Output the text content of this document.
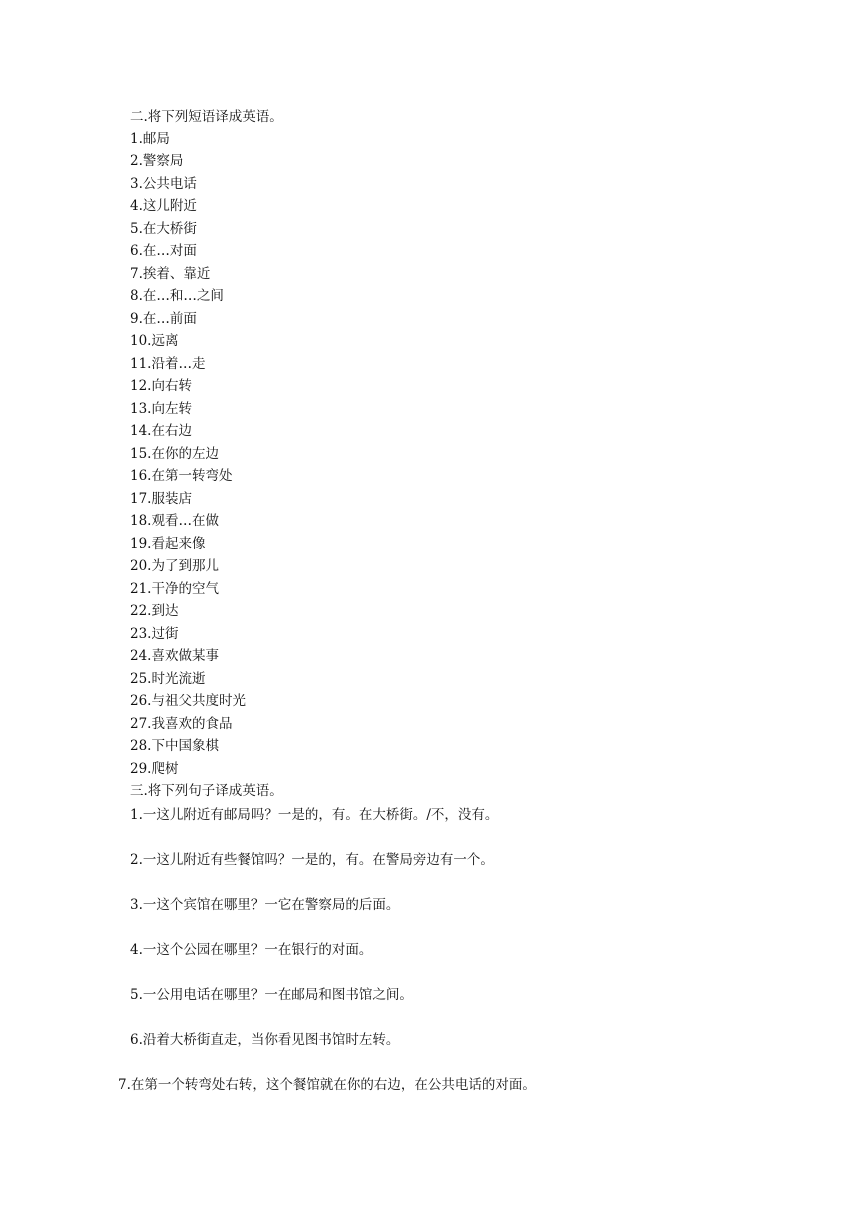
二.将下列短语译成英语。
1.邮局
2.警察局
3.公共电话
4.这儿附近
5.在大桥街
6.在…对面
7.挨着、靠近
8.在…和…之间
9.在…前面
10.远离
11.沿着…走
12.向右转
13.向左转
14.在右边
15.在你的左边
16.在第一转弯处
17.服装店
18.观看…在做
19.看起来像
20.为了到那儿
21.干净的空气
22.到达
23.过街
24.喜欢做某事
25.时光流逝
26.与祖父共度时光
27.我喜欢的食品
28.下中国象棋
29.爬树
三.将下列句子译成英语。
1.一这儿附近有邮局吗？一是的，有。在大桥街。/不，没有。
2.一这儿附近有些餐馆吗？一是的，有。在警局旁边有一个。
3.一这个宾馆在哪里？一它在警察局的后面。
4.一这个公园在哪里？一在银行的对面。
5.一公用电话在哪里？一在邮局和图书馆之间。
6.沿着大桥街直走，当你看见图书馆时左转。
7.在第一个转弯处右转，这个餐馆就在你的右边，在公共电话的对面。
